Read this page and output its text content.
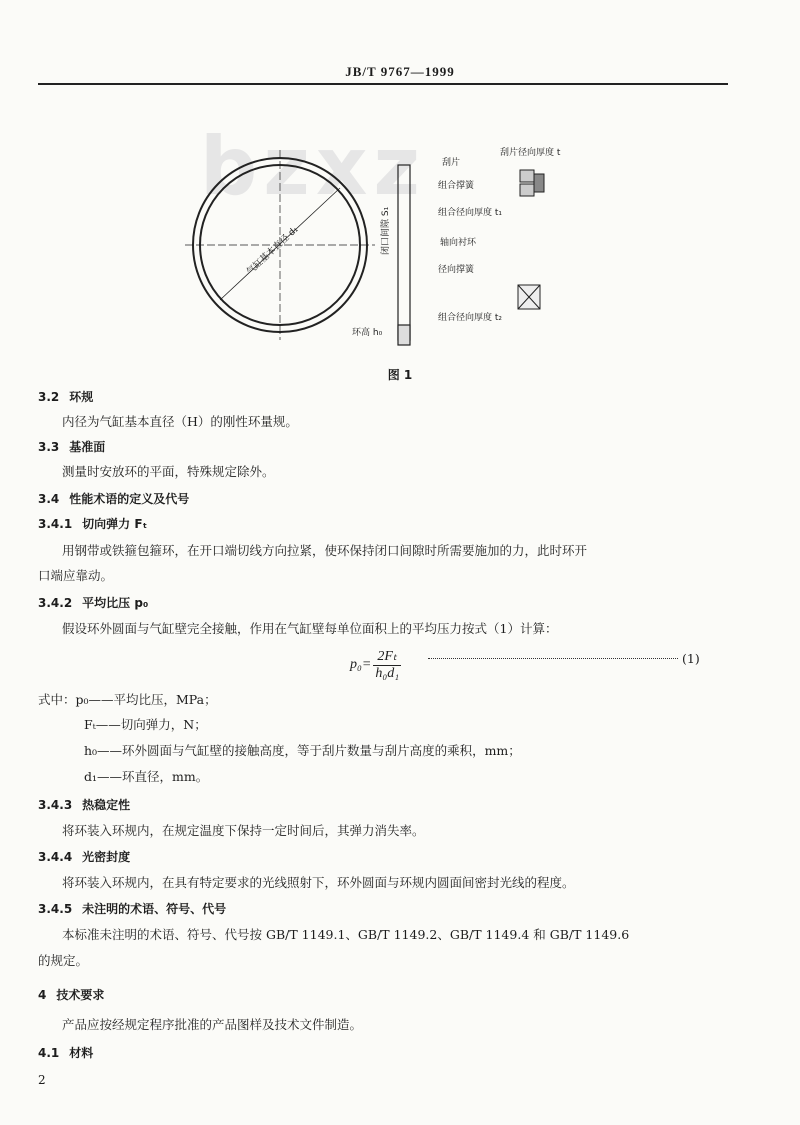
JB/T 9767—1999
bzxz
气缸基本直径 d₁	闭口间隙 S₁
环高 h₀
刮片
组合撑簧
刮片径向厚度 t
组合径向厚度 t₁
轴向衬环
径向撑簧
组合径向厚度 t₂
图 1
3.2 环规
内径为气缸基本直径（H）的刚性环量规。
3.3 基准面
测量时安放环的平面，特殊规定除外。
3.4 性能术语的定义及代号
3.4.1 切向弹力 Fₜ
用钢带或铁箍包箍环，在开口端切线方向拉紧，使环保持闭口间隙时所需要施加的力，此时环开
口端应靠动。
3.4.2 平均比压 p₀
假设环外圆面与气缸壁完全接触，作用在气缸壁每单位面积上的平均压力按式（1）计算：
$p_0= \frac{\text{2Fₜ}}{\text{h₀d₁}}$	(1)
式中：p₀——平均比压，MPa；
Fₜ——切向弹力，N；
h₀——环外圆面与气缸壁的接触高度，等于刮片数量与刮片高度的乘积，mm；
d₁——环直径，mm。
3.4.3 热稳定性
将环装入环规内，在规定温度下保持一定时间后，其弹力消失率。
3.4.4 光密封度
将环装入环规内，在具有特定要求的光线照射下，环外圆面与环规内圆面间密封光线的程度。
3.4.5 未注明的术语、符号、代号
本标准未注明的术语、符号、代号按 GB/T 1149.1、GB/T 1149.2、GB/T 1149.4 和 GB/T 1149.6
的规定。
4 技术要求
产品应按经规定程序批准的产品图样及技术文件制造。
4.1 材料
2
